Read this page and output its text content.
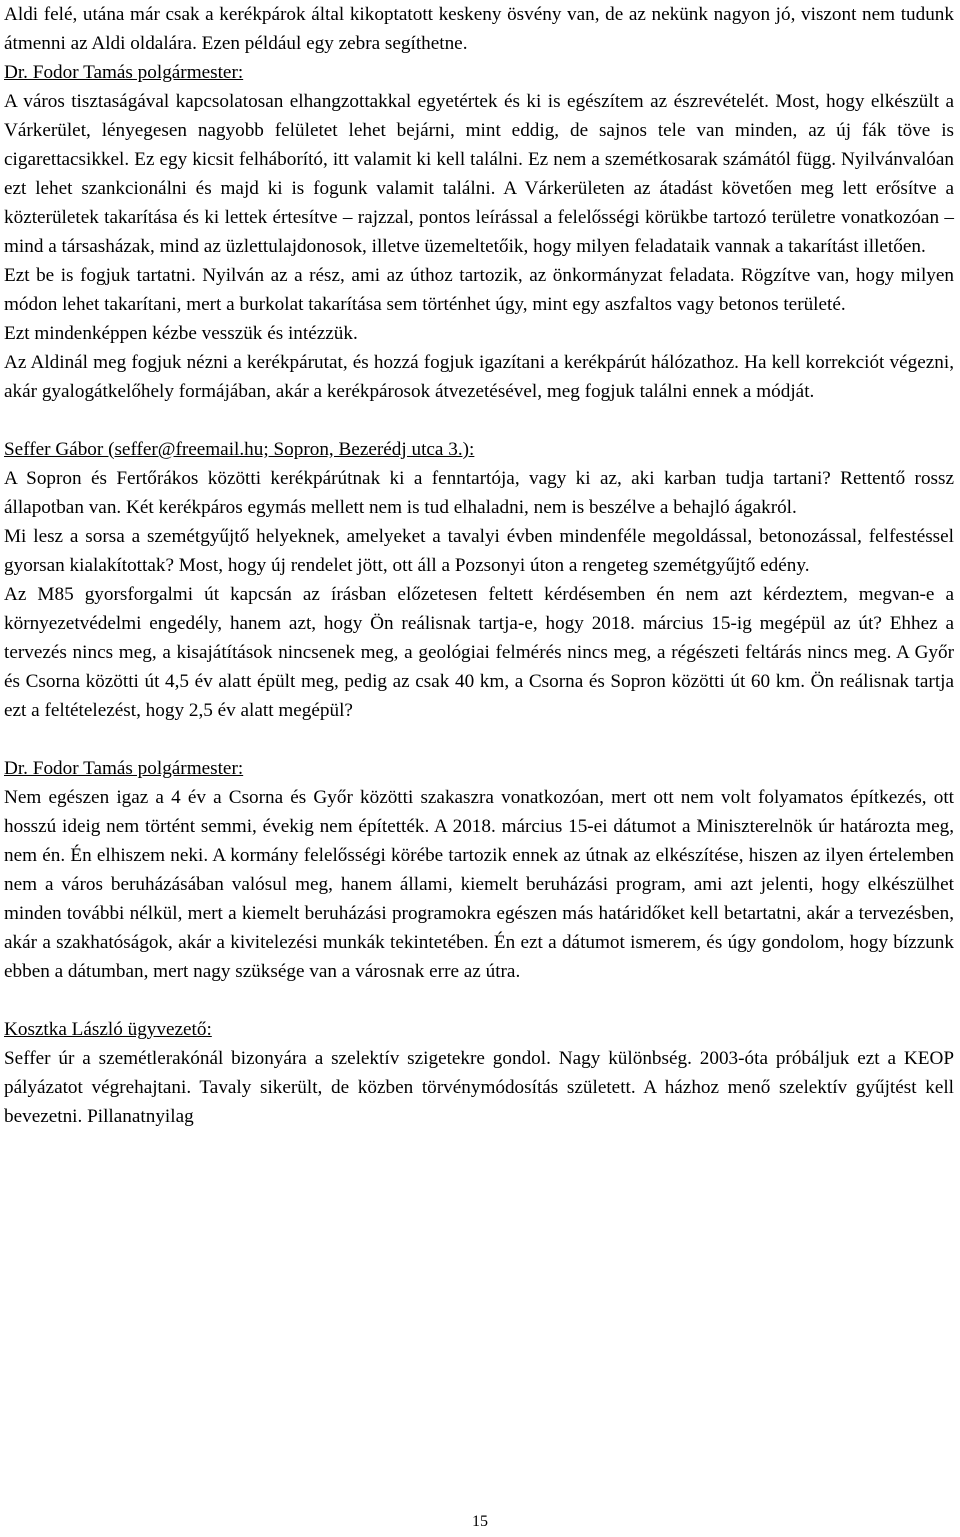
Aldi felé, utána már csak a kerékpárok által kikoptatott keskeny ösvény van, de az nekünk nagyon jó, viszont nem tudunk átmenni az Aldi oldalára. Ezen például egy zebra segíthetne.

Dr. Fodor Tamás polgármester:

A város tisztaságával kapcsolatosan elhangzottakkal egyetértek és ki is egészítem az észrevételét. Most, hogy elkészült a Várkerület, lényegesen nagyobb felületet lehet bejárni, mint eddig, de sajnos tele van minden, az új fák töve is cigarettacsikkel. Ez egy kicsit felháborító, itt valamit ki kell találni. Ez nem a szemétkosarak számától függ. Nyilvánvalóan ezt lehet szankcionálni és majd ki is fogunk valamit találni. A Várkerületen az átadást követően meg lett erősítve a közterületek takarítása és ki lettek értesítve – rajzzal, pontos leírással a felelősségi körükbe tartozó területre vonatkozóan – mind a társasházak, mind az üzlettulajdonosok, illetve üzemeltetőik, hogy milyen feladataik vannak a takarítást illetően.

Ezt be is fogjuk tartatni. Nyilván az a rész, ami az úthoz tartozik, az önkormányzat feladata. Rögzítve van, hogy milyen módon lehet takarítani, mert a burkolat takarítása sem történhet úgy, mint egy aszfaltos vagy betonos területé.

Ezt mindenképpen kézbe vesszük és intézzük.

Az Aldinál meg fogjuk nézni a kerékpárutat, és hozzá fogjuk igazítani a kerékpárút hálózathoz. Ha kell korrekciót végezni, akár gyalogátkelőhely formájában, akár a kerékpárosok átvezetésével, meg fogjuk találni ennek a módját.

Seffer Gábor (seffer@freemail.hu; Sopron, Bezerédj utca 3.):

A Sopron és Fertőrákos közötti kerékpárútnak ki a fenntartója, vagy ki az, aki karban tudja tartani? Rettentő rossz állapotban van. Két kerékpáros egymás mellett nem is tud elhaladni, nem is beszélve a behajló ágakról.

Mi lesz a sorsa a szemétgyűjtő helyeknek, amelyeket a tavalyi évben mindenféle megoldással, betonozással, felfestéssel gyorsan kialakítottak? Most, hogy új rendelet jött, ott áll a Pozsonyi úton a rengeteg szemétgyűjtő edény.

Az M85 gyorsforgalmi út kapcsán az írásban előzetesen feltett kérdésemben én nem azt kérdeztem, megvan-e a környezetvédelmi engedély, hanem azt, hogy Ön reálisnak tartja-e, hogy 2018. március 15-ig megépül az út? Ehhez a tervezés nincs meg, a kisajátítások nincsenek meg, a geológiai felmérés nincs meg, a régészeti feltárás nincs meg. A Győr és Csorna közötti út 4,5 év alatt épült meg, pedig az csak 40 km, a Csorna és Sopron közötti út 60 km. Ön reálisnak tartja ezt a feltételezést, hogy 2,5 év alatt megépül?

Dr. Fodor Tamás polgármester:

Nem egészen igaz a 4 év a Csorna és Győr közötti szakaszra vonatkozóan, mert ott nem volt folyamatos építkezés, ott hosszú ideig nem történt semmi, évekig nem építették. A 2018. március 15-ei dátumot a Miniszterelnök úr határozta meg, nem én. Én elhiszem neki. A kormány felelősségi körébe tartozik ennek az útnak az elkészítése, hiszen az ilyen értelemben nem a város beruházásában valósul meg, hanem állami, kiemelt beruházási program, ami azt jelenti, hogy elkészülhet minden további nélkül, mert a kiemelt beruházási programokra egészen más határidőket kell betartatni, akár a tervezésben, akár a szakhatóságok, akár a kivitelezési munkák tekintetében. Én ezt a dátumot ismerem, és úgy gondolom, hogy bízzunk ebben a dátumban, mert nagy szüksége van a városnak erre az útra.

Kosztka László ügyvezető:

Seffer úr a szemétlerakónál bizonyára a szelektív szigetekre gondol. Nagy különbség. 2003-óta próbáljuk ezt a KEOP pályázatot végrehajtani. Tavaly sikerült, de közben törvénymódosítás született. A házhoz menő szelektív gyűjtést kell bevezetni. Pillanatnyilag

15
